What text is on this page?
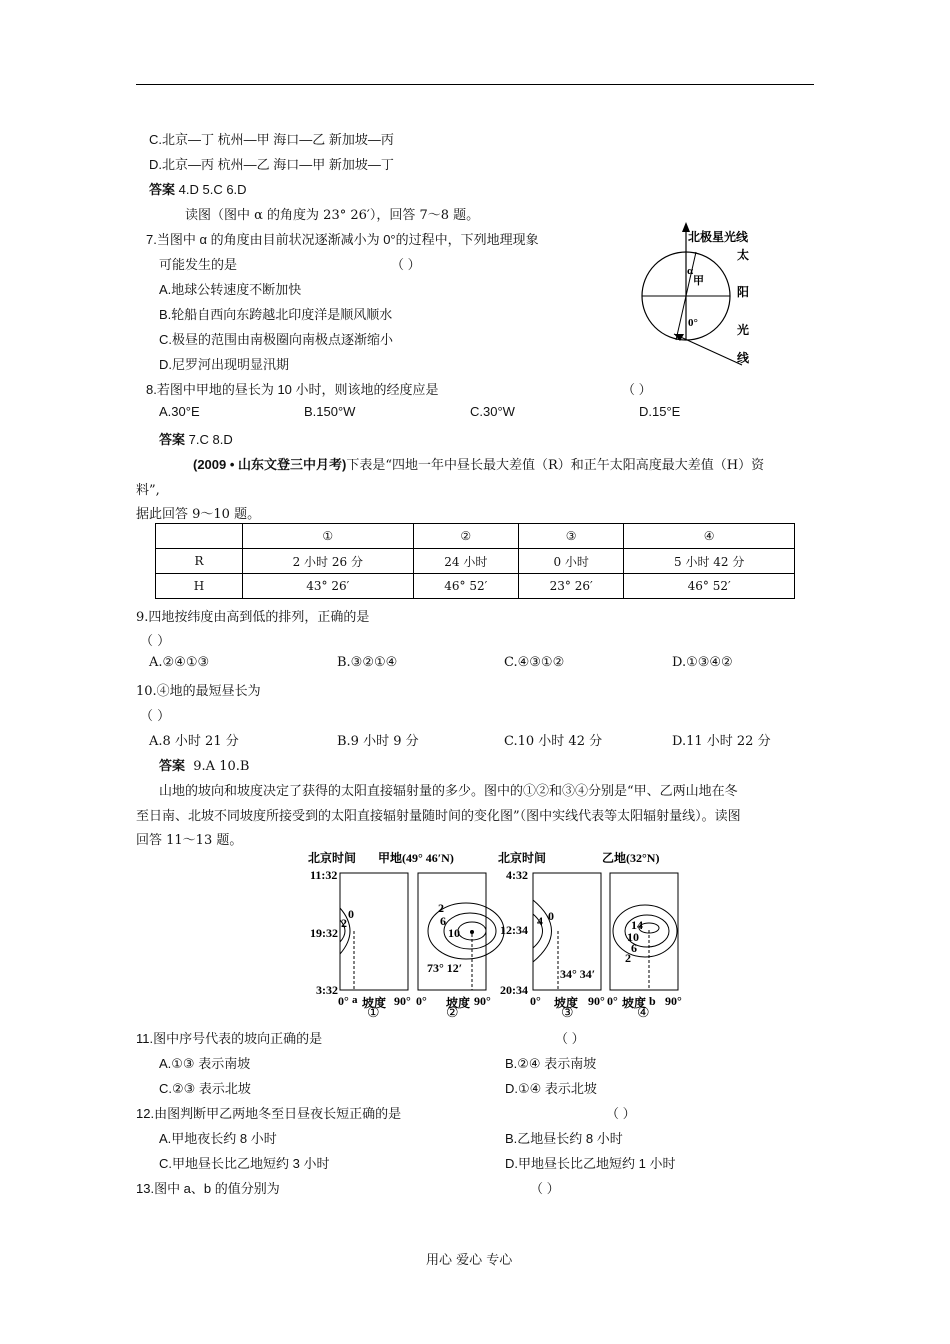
C.北京—丁 杭州—甲 海口—乙 新加坡—丙
D.北京—丙 杭州—乙 海口—甲 新加坡—丁
答案 4.D 5.C 6.D
读图（图中 α 的角度为 23° 26′），回答 7～8 题。
7.当图中 α 的角度由目前状况逐渐减小为 0°的过程中，下列地理现象
可能发生的是	（ ）
A.地球公转速度不断加快
B.轮船自西向东跨越北印度洋是顺风顺水
C.极昼的范围由南极圈向南极点逐渐缩小
D.尼罗河出现明显汛期
北极星光线
太
阳
光
线
α
甲
0°
8.若图中甲地的昼长为 10 小时，则该地的经度应是	（ ）
A.30°E	B.150°W	C.30°W	D.15°E
答案 7.C 8.D
(2009 • 山东文登三中月考)下表是“四地一年中昼长最大差值（R）和正午太阳高度最大差值（H）资
料”,
据此回答 9～10 题。
	①	②	③	④
R	2 小时 26 分	24 小时	0 小时	5 小时 42 分
H	43° 26′	46° 52′	23° 26′	46° 52′
9.四地按纬度由高到低的排列，正确的是
（ ）
A.②④①③	B.③②①④	C.④③①②	D.①③④②
10.④地的最短昼长为
（ ）
A.8 小时 21 分	B.9 小时 9 分	C.10 小时 42 分	D.11 小时 22 分
答案 9.A 10.B
山地的坡向和坡度决定了获得的太阳直接辐射量的多少。图中的①②和③④分别是“甲、乙两山地在冬
至日南、北坡不同坡度所接受到的太阳直接辐射量随时间的变化图”（图中实线代表等太阳辐射量线）。读图
回答 11～13 题。
北京时间 甲地(49° 46′N)	北京时间	乙地(32°N)
11:32
19:32
3:32
4:32
12:34
20:34
0
2
2
6
10
73° 12′
0
4
34° 34′
14
10
6
2
0° a 坡度 90° 0° 坡度 90°	0° 坡度 90° 0° 坡度 b 90°
①	②	③	④
11.图中序号代表的坡向正确的是	（ ）
A.①③ 表示南坡	B.②④ 表示南坡
C.②③ 表示北坡	D.①④ 表示北坡
12.由图判断甲乙两地冬至日昼夜长短正确的是	（ ）
A.甲地夜长约 8 小时	B.乙地昼长约 8 小时
C.甲地昼长比乙地短约 3 小时	D.甲地昼长比乙地短约 1 小时
13.图中 a、b 的值分别为	（ ）
用心 爱心 专心
